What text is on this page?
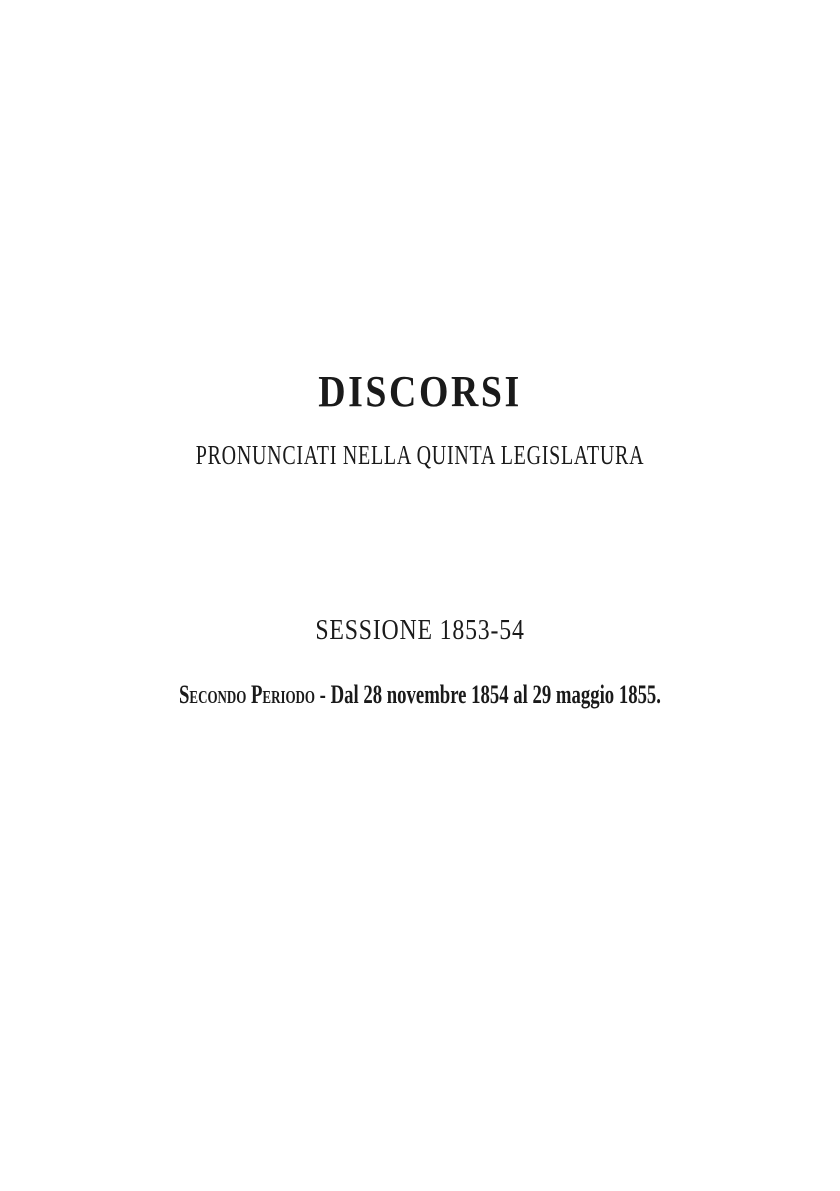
DISCORSI
PRONUNCIATI NELLA QUINTA LEGISLATURA
SESSIONE 1853-54
Secondo Periodo - Dal 28 novembre 1854 al 29 maggio 1855.
